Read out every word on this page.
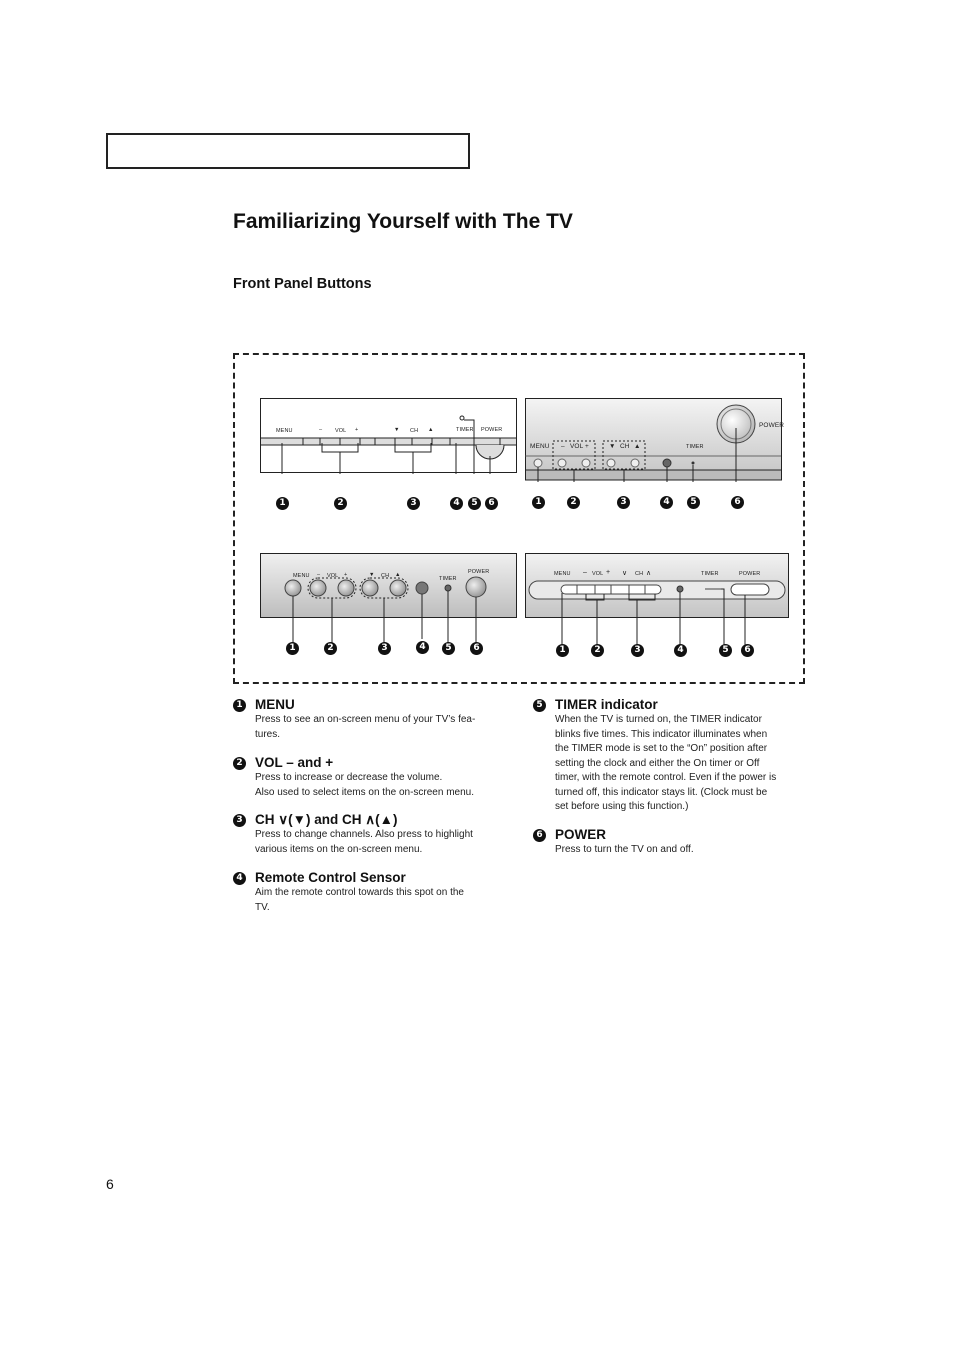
Familiarizing Yourself with The TV
Front Panel Buttons
MENU	– VOL +	▼ CH ▲	TIMER POWER
1	2	3	4	5	6
MENU – VOL +	▼ CH ▲	TIMER
POWER
1	2	3	4	5	6
MENU – VOL +	▼ CH ▲
TIMER
POWER
1	2	3	4	5	6
MENU – VOL + ∨ CH ∧	TIMER	POWER
1	2	3	4	5	6
1 MENU
Press to see an on-screen menu of your TV’s fea-
tures.
2 VOL – and +
Press to increase or decrease the volume.
Also used to select items on the on-screen menu.
3 CH ∨(▼) and CH ∧(▲)
Press to change channels. Also press to highlight
various items on the on-screen menu.
4 Remote Control Sensor
Aim the remote control towards this spot on the
TV.
5 TIMER indicator
When the TV is turned on, the TIMER indicator
blinks five times. This indicator illuminates when
the TIMER mode is set to the “On” position after
setting the clock and either the On timer or Off
timer, with the remote control. Even if the power is
turned off, this indicator stays lit. (Clock must be
set before using this function.)
6 POWER
Press to turn the TV on and off.
6
